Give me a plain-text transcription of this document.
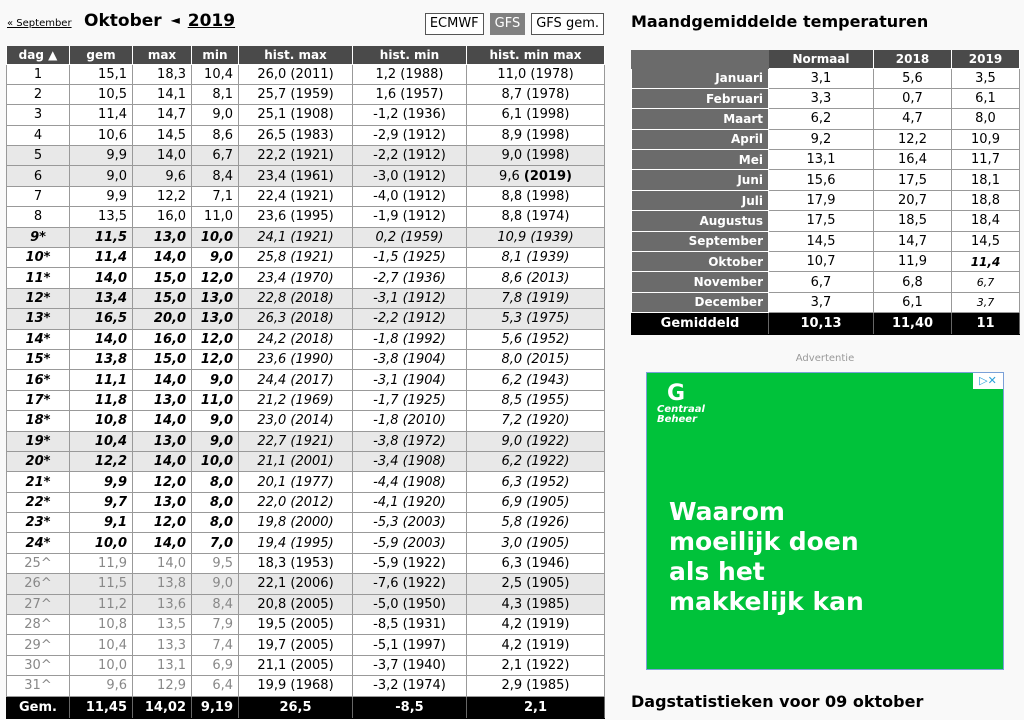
« September Oktober ◄ 2019	ECMWF	GFS	GFS gem.
dag ▲	gem	max	min	hist. max	hist. min	hist. min max
1	15,1	18,3	10,4	26,0 (2011)	1,2 (1988)	11,0 (1978)
2	10,5	14,1	8,1	25,7 (1959)	1,6 (1957)	8,7 (1978)
3	11,4	14,7	9,0	25,1 (1908)	-1,2 (1936)	6,1 (1998)
4	10,6	14,5	8,6	26,5 (1983)	-2,9 (1912)	8,9 (1998)
5	9,9	14,0	6,7	22,2 (1921)	-2,2 (1912)	9,0 (1998)
6	9,0	9,6	8,4	23,4 (1961)	-3,0 (1912)	9,6 (2019)
7	9,9	12,2	7,1	22,4 (1921)	-4,0 (1912)	8,8 (1998)
8	13,5	16,0	11,0	23,6 (1995)	-1,9 (1912)	8,8 (1974)
9*	11,5	13,0	10,0	24,1 (1921)	0,2 (1959)	10,9 (1939)
10*	11,4	14,0	9,0	25,8 (1921)	-1,5 (1925)	8,1 (1939)
11*	14,0	15,0	12,0	23,4 (1970)	-2,7 (1936)	8,6 (2013)
12*	13,4	15,0	13,0	22,8 (2018)	-3,1 (1912)	7,8 (1919)
13*	16,5	20,0	13,0	26,3 (2018)	-2,2 (1912)	5,3 (1975)
14*	14,0	16,0	12,0	24,2 (2018)	-1,8 (1992)	5,6 (1952)
15*	13,8	15,0	12,0	23,6 (1990)	-3,8 (1904)	8,0 (2015)
16*	11,1	14,0	9,0	24,4 (2017)	-3,1 (1904)	6,2 (1943)
17*	11,8	13,0	11,0	21,2 (1969)	-1,7 (1925)	8,5 (1955)
18*	10,8	14,0	9,0	23,0 (2014)	-1,8 (2010)	7,2 (1920)
19*	10,4	13,0	9,0	22,7 (1921)	-3,8 (1972)	9,0 (1922)
20*	12,2	14,0	10,0	21,1 (2001)	-3,4 (1908)	6,2 (1922)
21*	9,9	12,0	8,0	20,1 (1977)	-4,4 (1908)	6,3 (1952)
22*	9,7	13,0	8,0	22,0 (2012)	-4,1 (1920)	6,9 (1905)
23*	9,1	12,0	8,0	19,8 (2000)	-5,3 (2003)	5,8 (1926)
24*	10,0	14,0	7,0	19,4 (1995)	-5,9 (2003)	3,0 (1905)
25^	11,9	14,0	9,5	18,3 (1953)	-5,9 (1922)	6,3 (1946)
26^	11,5	13,8	9,0	22,1 (2006)	-7,6 (1922)	2,5 (1905)
27^	11,2	13,6	8,4	20,8 (2005)	-5,0 (1950)	4,3 (1985)
28^	10,8	13,5	7,9	19,5 (2005)	-8,5 (1931)	4,2 (1919)
29^	10,4	13,3	7,4	19,7 (2005)	-5,1 (1997)	4,2 (1919)
30^	10,0	13,1	6,9	21,1 (2005)	-3,7 (1940)	2,1 (1922)
31^	9,6	12,9	6,4	19,9 (1968)	-3,2 (1974)	2,9 (1985)
Gem.	11,45	14,02	9,19	26,5	-8,5	2,1
Maandgemiddelde temperaturen
	Normaal	2018	2019
Januari	3,1	5,6	3,5
Februari	3,3	0,7	6,1
Maart	6,2	4,7	8,0
April	9,2	12,2	10,9
Mei	13,1	16,4	11,7
Juni	15,6	17,5	18,1
Juli	17,9	20,7	18,8
Augustus	17,5	18,5	18,4
September	14,5	14,7	14,5
Oktober	10,7	11,9	11,4
November	6,7	6,8	6,7
December	3,7	6,1	3,7
Gemiddeld	10,13	11,40	11
Advertentie
G
Centraal
Beheer
▷✕
Waarom
moeilijk doen
als het
makkelijk kan
Dagstatistieken voor 09 oktober
